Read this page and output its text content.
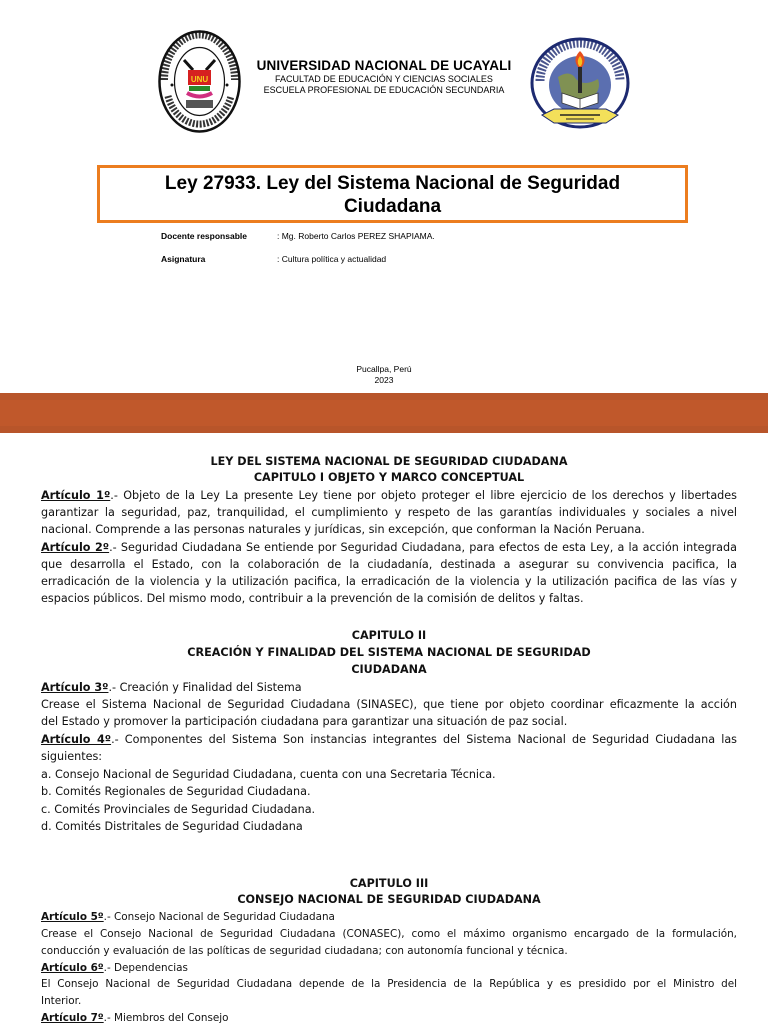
UNU
UNIVERSIDAD NACIONAL DE UCAYALI
FACULTAD DE EDUCACIÓN Y CIENCIAS SOCIALES
ESCUELA PROFESIONAL DE EDUCACIÓN SECUNDARIA
Ley 27933. Ley del Sistema Nacional de Seguridad
Ciudadana
Docente responsable	: Mg. Roberto Carlos PEREZ SHAPIAMA.
Asignatura	: Cultura política y actualidad
Pucallpa, Perú
2023
LEY DEL SISTEMA NACIONAL DE SEGURIDAD CIUDADANA
CAPITULO I OBJETO Y MARCO CONCEPTUAL
Artículo 1º.- Objeto de la Ley La presente Ley tiene por objeto proteger el libre ejercicio de los derechos y libertades
garantizar la seguridad, paz, tranquilidad, el cumplimiento y respeto de las garantías individuales y sociales a nivel
nacional. Comprende a las personas naturales y jurídicas, sin excepción, que conforman la Nación Peruana.
Artículo 2º.- Seguridad Ciudadana Se entiende por Seguridad Ciudadana, para efectos de esta Ley, a la acción integrada
que desarrolla el Estado, con la colaboración de la ciudadanía, destinada a asegurar su convivencia pacifica, la
erradicación de la violencia y la utilización pacifica, la erradicación de la violencia y la utilización pacifica de las vías y
espacios públicos. Del mismo modo, contribuir a la prevención de la comisión de delitos y faltas.
CAPITULO II
CREACIÓN Y FINALIDAD DEL SISTEMA NACIONAL DE SEGURIDAD
CIUDADANA
Artículo 3º.- Creación y Finalidad del Sistema
Crease el Sistema Nacional de Seguridad Ciudadana (SINASEC), que tiene por objeto coordinar eficazmente la acción
del Estado y promover la participación ciudadana para garantizar una situación de paz social.
Artículo 4º.- Componentes del Sistema Son instancias integrantes del Sistema Nacional de Seguridad Ciudadana las
siguientes:
a. Consejo Nacional de Seguridad Ciudadana, cuenta con una Secretaria Técnica.
b. Comités Regionales de Seguridad Ciudadana.
c. Comités Provinciales de Seguridad Ciudadana.
d. Comités Distritales de Seguridad Ciudadana
CAPITULO III
CONSEJO NACIONAL DE SEGURIDAD CIUDADANA
Artículo 5º.- Consejo Nacional de Seguridad Ciudadana
Crease el Consejo Nacional de Seguridad Ciudadana (CONASEC), como el máximo organismo encargado de la formulación,
conducción y evaluación de las políticas de seguridad ciudadana; con autonomía funcional y técnica.
Artículo 6º.- Dependencias
El Consejo Nacional de Seguridad Ciudadana depende de la Presidencia de la República y es presidido por el Ministro del
Interior.
Artículo 7º.- Miembros del Consejo
